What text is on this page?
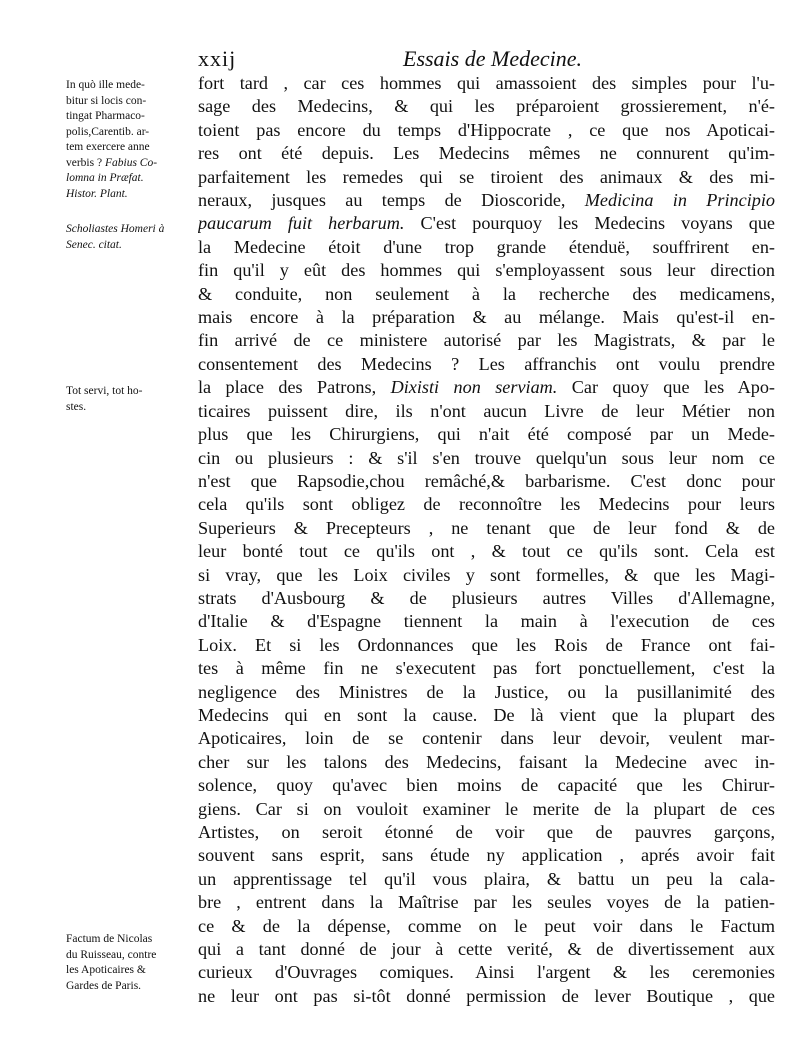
xxij	Essais de Medecine.
In quò ille mede-
bitur si locis con-
tingat Pharmaco-
polis,Carentib. ar-
tem exercere anne
verbis ? Fabius Co-
lomna in Præfat.
Histor. Plant.
Scholiastes Homeri à
Senec. citat.
Tot servi, tot ho-
stes.
Factum de Nicolas
du Ruisseau, contre
les Apoticaires &
Gardes de Paris.
fort tard , car ces hommes qui amassoient des simples pour l'u-
sage des Medecins, & qui les préparoient grossierement, n'é-
toient pas encore du temps d'Hippocrate , ce que nos Apoticai-
res ont été depuis. Les Medecins mêmes ne connurent qu'im-
parfaitement les remedes qui se tiroient des animaux & des mi-
neraux, jusques au temps de Dioscoride, Medicina in Principio
paucarum fuit herbarum. C'est pourquoy les Medecins voyans que
la Medecine étoit d'une trop grande étenduë, souffrirent en-
fin qu'il y eût des hommes qui s'employassent sous leur direction
& conduite, non seulement à la recherche des medicamens,
mais encore à la préparation & au mélange. Mais qu'est-il en-
fin arrivé de ce ministere autorisé par les Magistrats, & par le
consentement des Medecins ? Les affranchis ont voulu prendre
la place des Patrons, Dixisti non serviam. Car quoy que les Apo-
ticaires puissent dire, ils n'ont aucun Livre de leur Métier non
plus que les Chirurgiens, qui n'ait été composé par un Mede-
cin ou plusieurs : & s'il s'en trouve quelqu'un sous leur nom ce
n'est que Rapsodie,chou remâché,& barbarisme. C'est donc pour
cela qu'ils sont obligez de reconnoître les Medecins pour leurs
Superieurs & Precepteurs , ne tenant que de leur fond & de
leur bonté tout ce qu'ils ont , & tout ce qu'ils sont. Cela est
si vray, que les Loix civiles y sont formelles, & que les Magi-
strats d'Ausbourg & de plusieurs autres Villes d'Allemagne,
d'Italie & d'Espagne tiennent la main à l'execution de ces
Loix. Et si les Ordonnances que les Rois de France ont fai-
tes à même fin ne s'executent pas fort ponctuellement, c'est la
negligence des Ministres de la Justice, ou la pusillanimité des
Medecins qui en sont la cause. De là vient que la plupart des
Apoticaires, loin de se contenir dans leur devoir, veulent mar-
cher sur les talons des Medecins, faisant la Medecine avec in-
solence, quoy qu'avec bien moins de capacité que les Chirur-
giens. Car si on vouloit examiner le merite de la plupart de ces
Artistes, on seroit étonné de voir que de pauvres garçons,
souvent sans esprit, sans étude ny application , aprés avoir fait
un apprentissage tel qu'il vous plaira, & battu un peu la cala-
bre , entrent dans la Maîtrise par les seules voyes de la patien-
ce & de la dépense, comme on le peut voir dans le Factum
qui a tant donné de jour à cette verité, & de divertissement aux
curieux d'Ouvrages comiques. Ainsi l'argent & les ceremonies
ne leur ont pas si-tôt donné permission de lever Boutique , que
